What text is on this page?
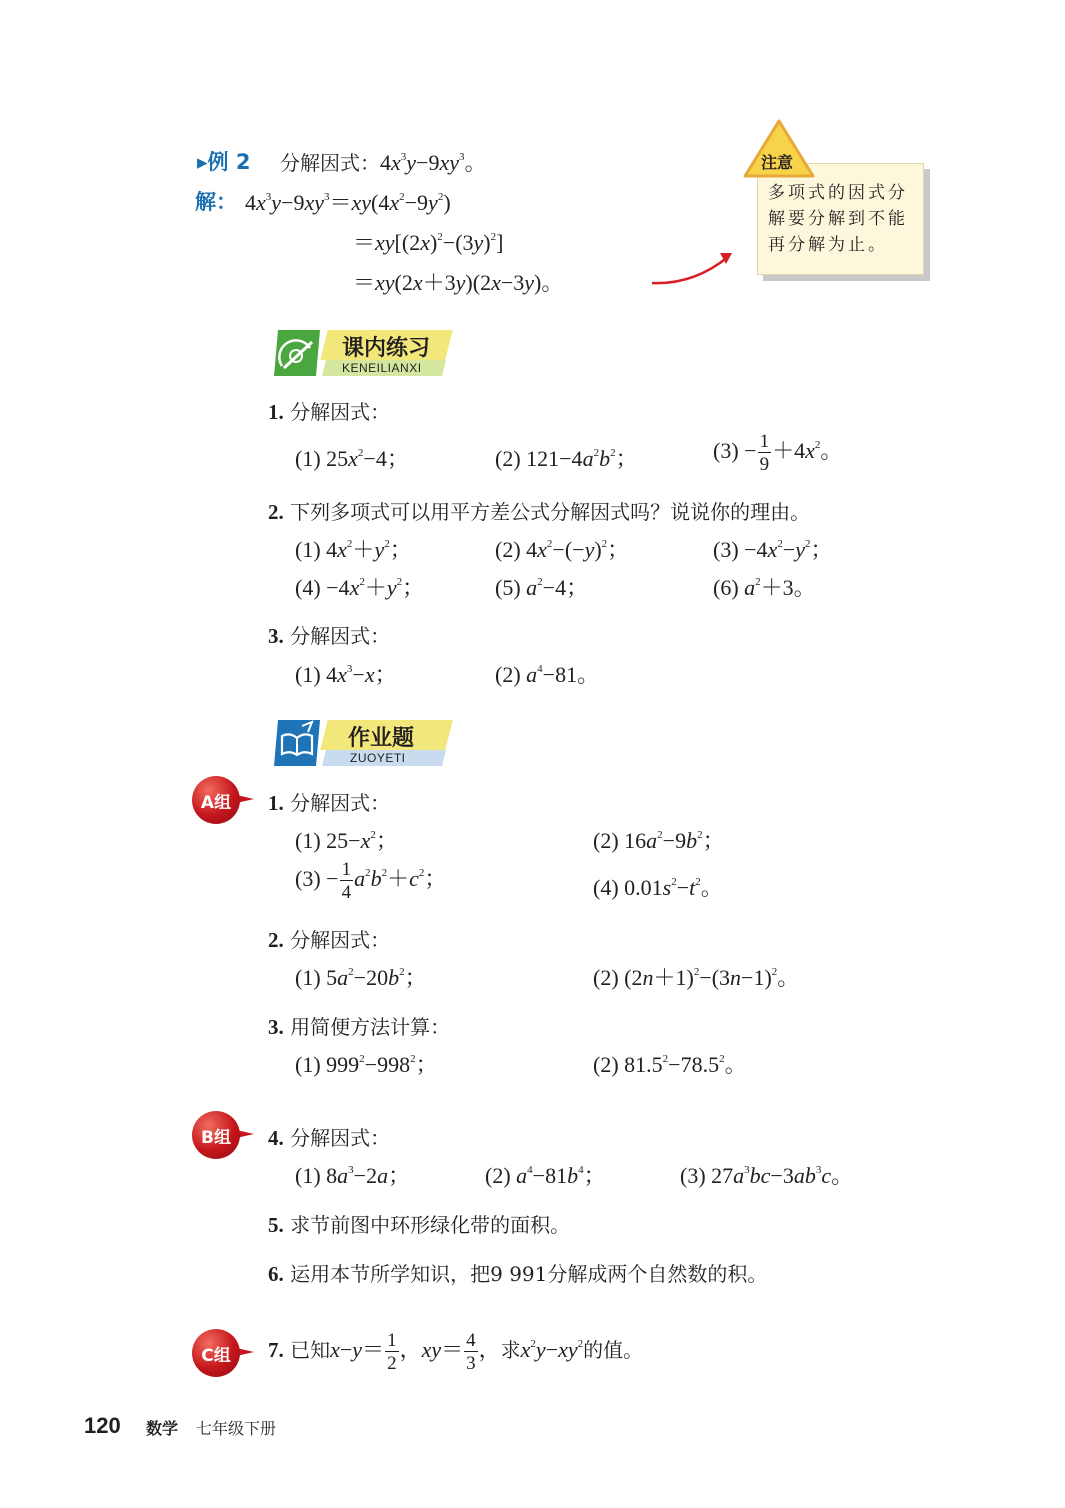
▸例 2 分解因式：$4x^3y-9xy^3$。
解： $4x^3y-9xy^3=xy(4x^2-9y^2)$
$=xy[(2x)^2-(3y)^2]$
＝xy(2x＋3y)(2x−3y)。
多项式的因式分解要分解到不能再分解为止。
注意
课内练习
KENEILIANXI
1. 分解因式：
(1) $25x^2-4$；	(2) $121-4a^2b^2$；	$(3) - \frac{1}{9} +4x^2$。
2. 下列多项式可以用平方差公式分解因式吗？说说你的理由。
(1) $4x^2+y^2$；	(2) $4x^2-(-y)^2$；	$(3) -4x^2-y^2$；
$(4) -4x^2+y^2$；	(5) $a^2-4$；	(6) $a^2+3$。
3. 分解因式：
(1) $4x^3-x$；	(2) $a^4-81$。
作业题
ZUOYETI
A组	1. 分解因式：
(1) $25-x^2$；	(2) $16a^2-9b^2$；
$(3) - \frac{1}{4} a^2b^2+c^2$；	(4) $0.01s^2-t^2$。
2. 分解因式：
(1) $5a^2-20b^2$；	(2) $(2n+1)^2-(3n-1)^2$。
3. 用简便方法计算：
(1) $999^2-998^2$；	(2) $81.5^2-78.5^2$。
B组	4. 分解因式：
(1) $8a^3-2a$；	(2) $a^4-81b^4$；	(3) $27a^3bc-3ab^3c$。
5. 求节前图中环形绿化带的面积。
6. 运用本节所学知识，把9 991分解成两个自然数的积。
C组	7. 已知$x-y= \frac{1}{2}$ ，$xy= \frac{4}{3}$ ，求$x^2y-xy^2$的值。
120 数学 七年级下册
